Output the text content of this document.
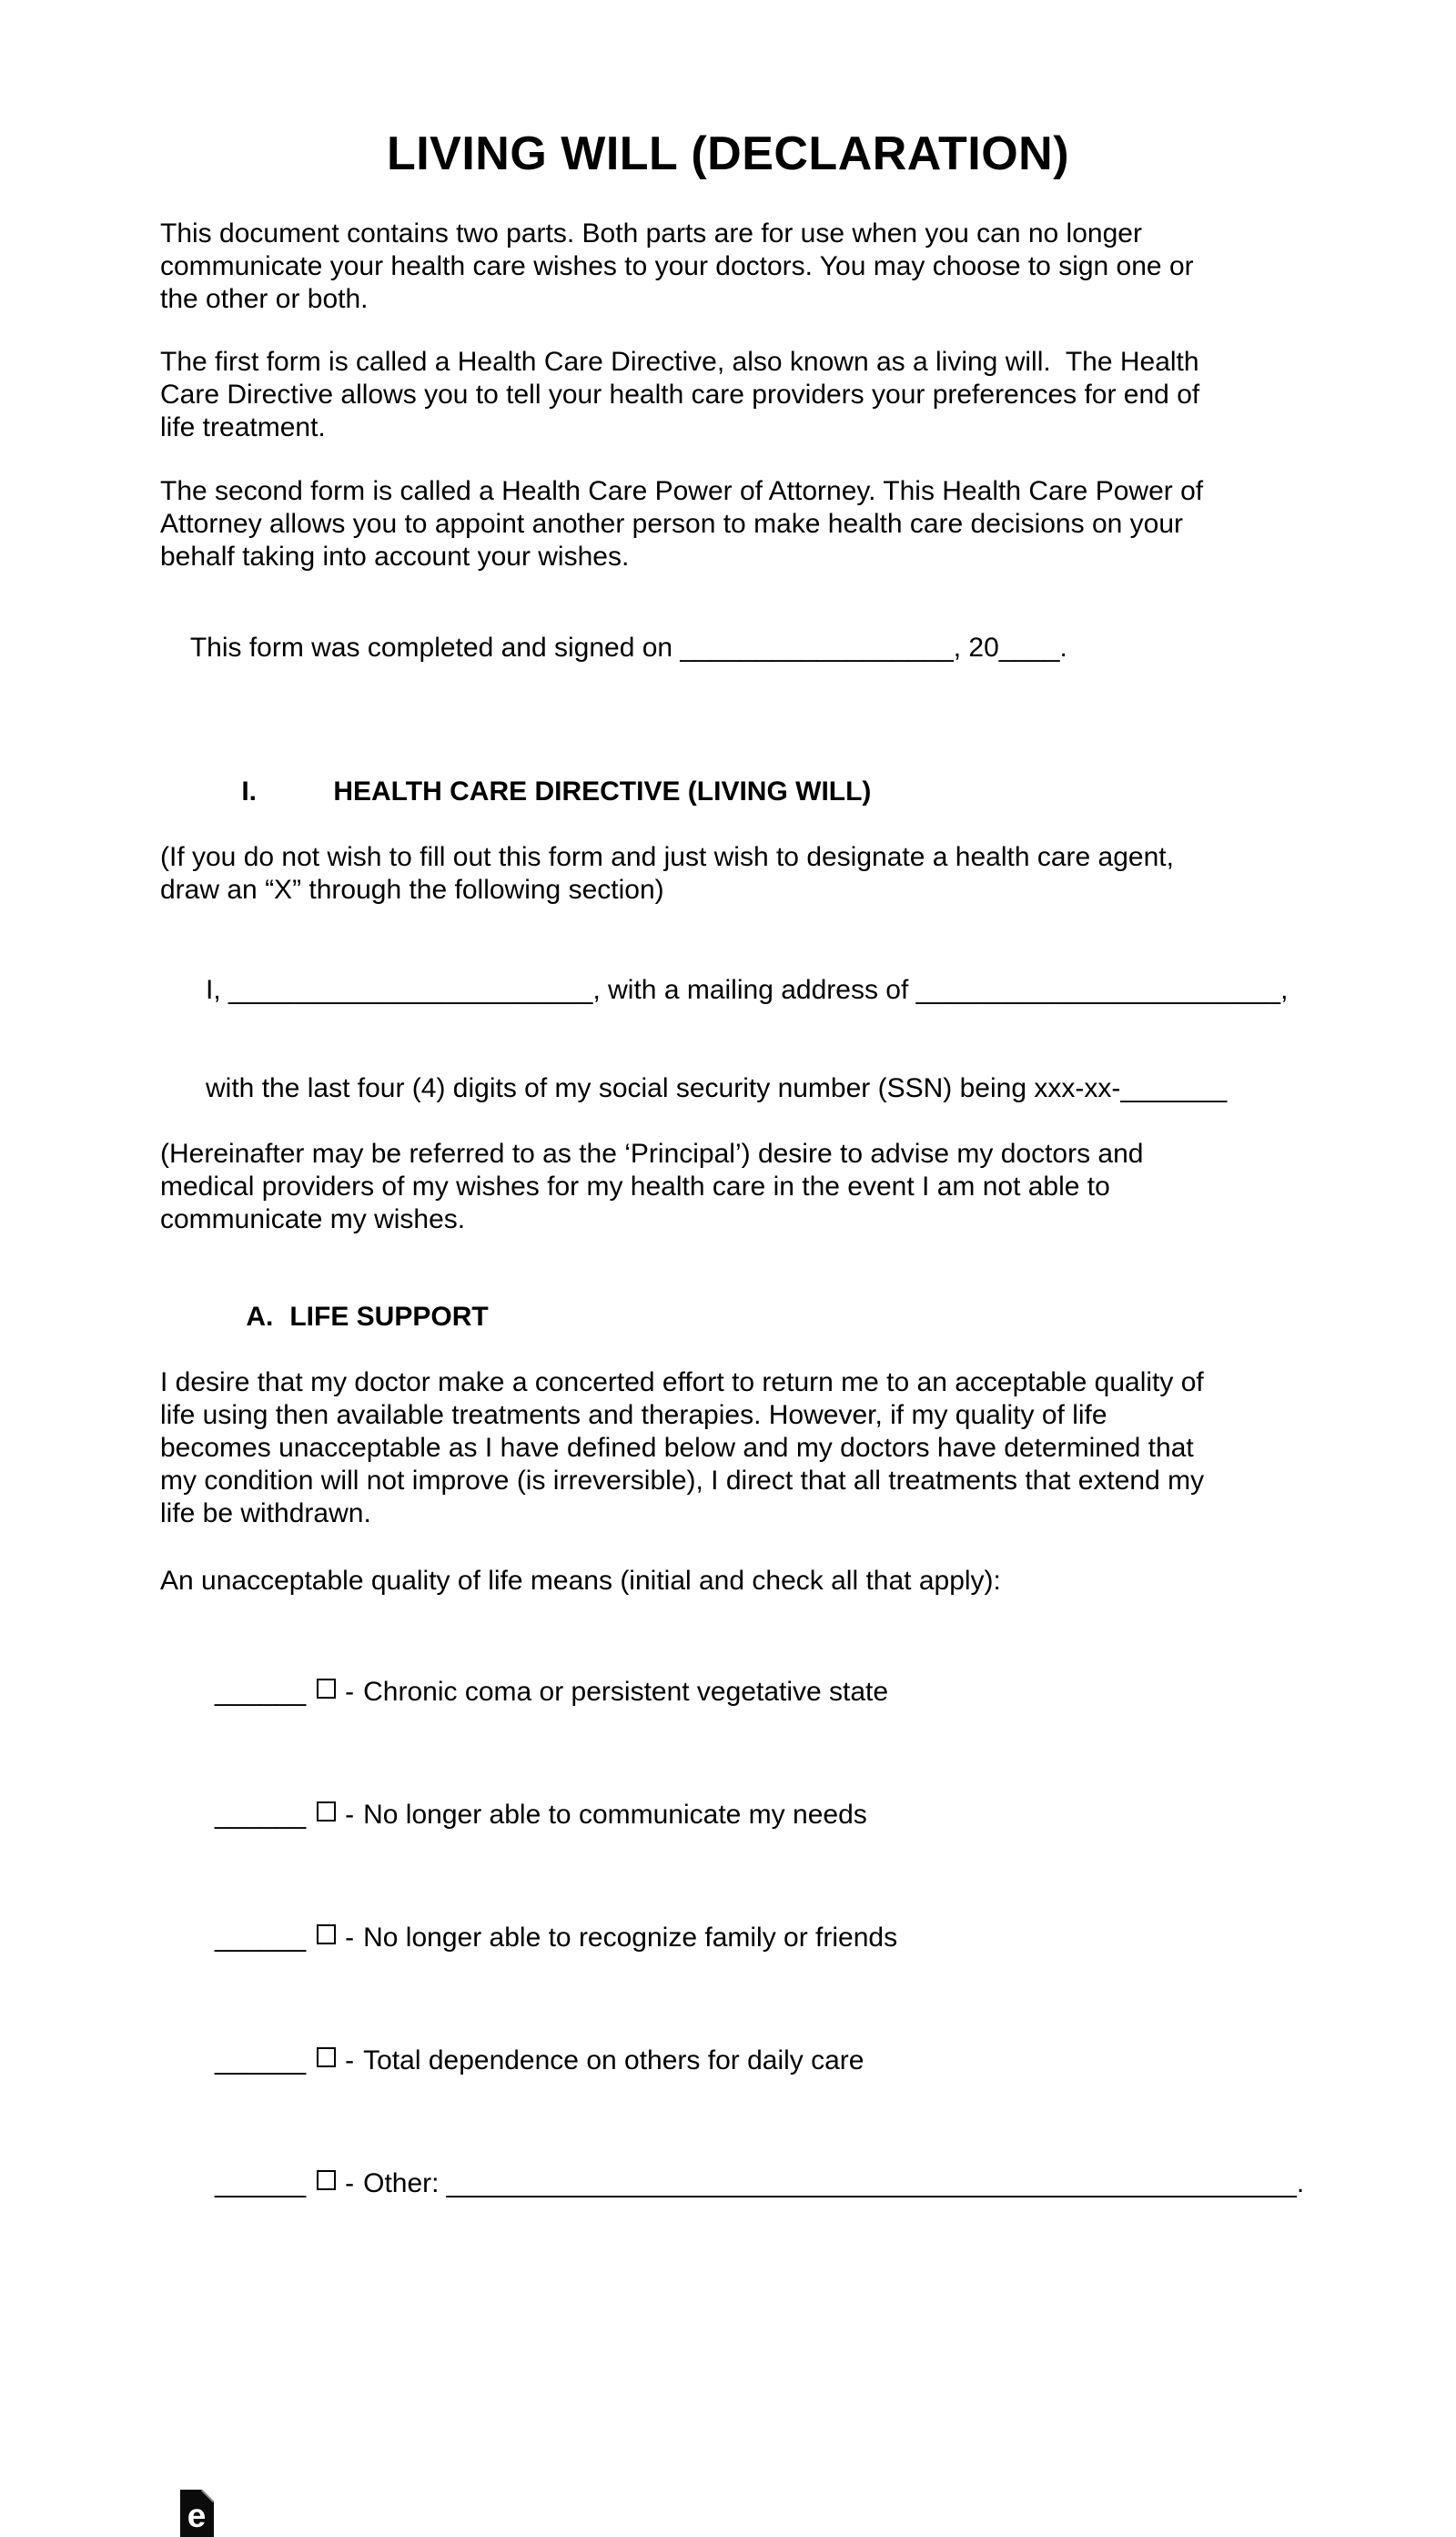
LIVING WILL (DECLARATION)
This document contains two parts. Both parts are for use when you can no longer
communicate your health care wishes to your doctors. You may choose to sign one or
the other or both.
The first form is called a Health Care Directive, also known as a living will.  The Health
Care Directive allows you to tell your health care providers your preferences for end of
life treatment.
The second form is called a Health Care Power of Attorney. This Health Care Power of
Attorney allows you to appoint another person to make health care decisions on your
behalf taking into account your wishes.

This form was completed and signed on __________________, 20____.

I.	HEALTH CARE DIRECTIVE (LIVING WILL)

(If you do not wish to fill out this form and just wish to designate a health care agent,
draw an “X” through the following section)

I, ________________________, with a mailing address of ________________________,

with the last four (4) digits of my social security number (SSN) being xxx-xx-_______

(Hereinafter may be referred to as the ‘Principal’) desire to advise my doctors and
medical providers of my wishes for my health care in the event I am not able to
communicate my wishes.

A. LIFE SUPPORT

I desire that my doctor make a concerted effort to return me to an acceptable quality of
life using then available treatments and therapies. However, if my quality of life
becomes unacceptable as I have defined below and my doctors have determined that
my condition will not improve (is irreversible), I direct that all treatments that extend my
life be withdrawn.
An unacceptable quality of life means (initial and check all that apply):

______ - Chronic coma or persistent vegetative state

______ - No longer able to communicate my needs

______ - No longer able to recognize family or friends

______ - Total dependence on others for daily care

______ - Other: ________________________________________________________.

e
